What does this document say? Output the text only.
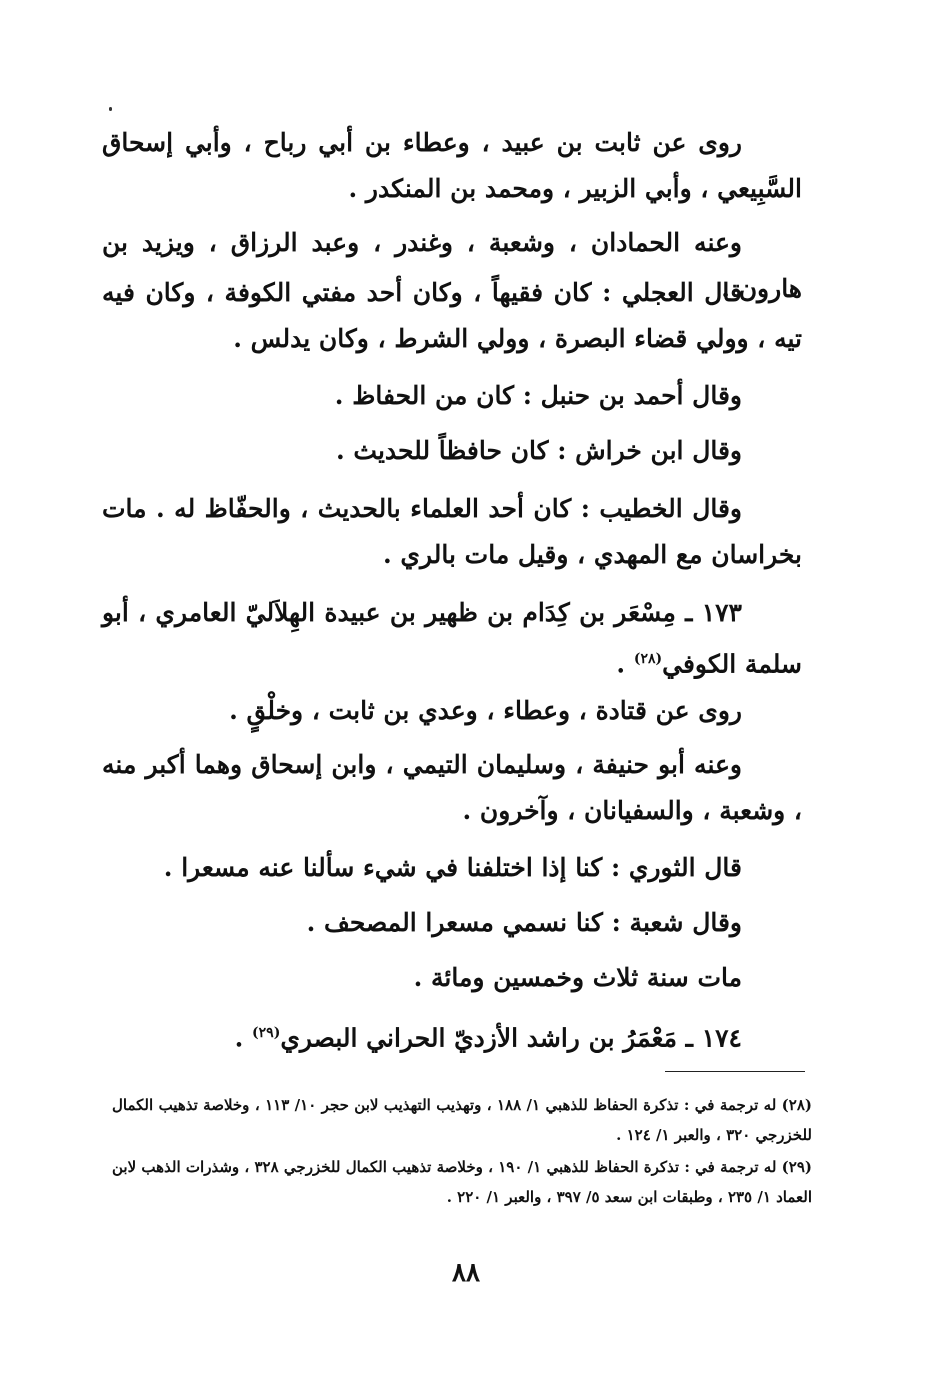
روى عن ثابت بن عبيد ، وعطاء بن أبي رباح ، وأبي إسحاق السَّبِيعي ، وأبي الزبير ، ومحمد بن المنكدر .
وعنه الحمادان ، وشعبة ، وغندر ، وعبد الرزاق ، ويزيد بن هارون .
قال العجلي : كان فقيهاً ، وكان أحد مفتي الكوفة ، وكان فيه تيه ، وولي قضاء البصرة ، وولي الشرط ، وكان يدلس .
وقال أحمد بن حنبل : كان من الحفاظ .
وقال ابن خراش : كان حافظاً للحديث .
وقال الخطيب : كان أحد العلماء بالحديث ، والحفّاظ له . مات بخراسان مع المهدي ، وقيل مات بالري .
١٧٣ ـ مِسْعَر بن كِدَام بن ظهير بن عبيدة الهِلاَليّ العامري ، أبو سلمة الكوفي$^{(٢٨)}$ .
روى عن قتادة ، وعطاء ، وعدي بن ثابت ، وخلْقٍ .
وعنه أبو حنيفة ، وسليمان التيمي ، وابن إسحاق وهما أكبر منه ، وشعبة ، والسفيانان ، وآخرون .
قال الثوري : كنا إذا اختلفنا في شيء سألنا عنه مسعرا .
وقال شعبة : كنا نسمي مسعرا المصحف .
مات سنة ثلاث وخمسين ومائة .
١٧٤ ـ مَعْمَرُ بن راشد الأزديّ الحراني البصري$^{(٢٩)}$ .
(٢٨) له ترجمة في : تذكرة الحفاظ للذهبي ١/ ١٨٨ ، وتهذيب التهذيب لابن حجر ١٠/ ١١٣ ، وخلاصة تذهيب الكمال للخزرجي ٣٢٠ ، والعبر ١/ ١٢٤ .
(٢٩) له ترجمة في : تذكرة الحفاظ للذهبي ١/ ١٩٠ ، وخلاصة تذهيب الكمال للخزرجي ٣٢٨ ، وشذرات الذهب لابن العماد ١/ ٢٣٥ ، وطبقات ابن سعد ٥/ ٣٩٧ ، والعبر ١/ ٢٢٠ .
٨٨
